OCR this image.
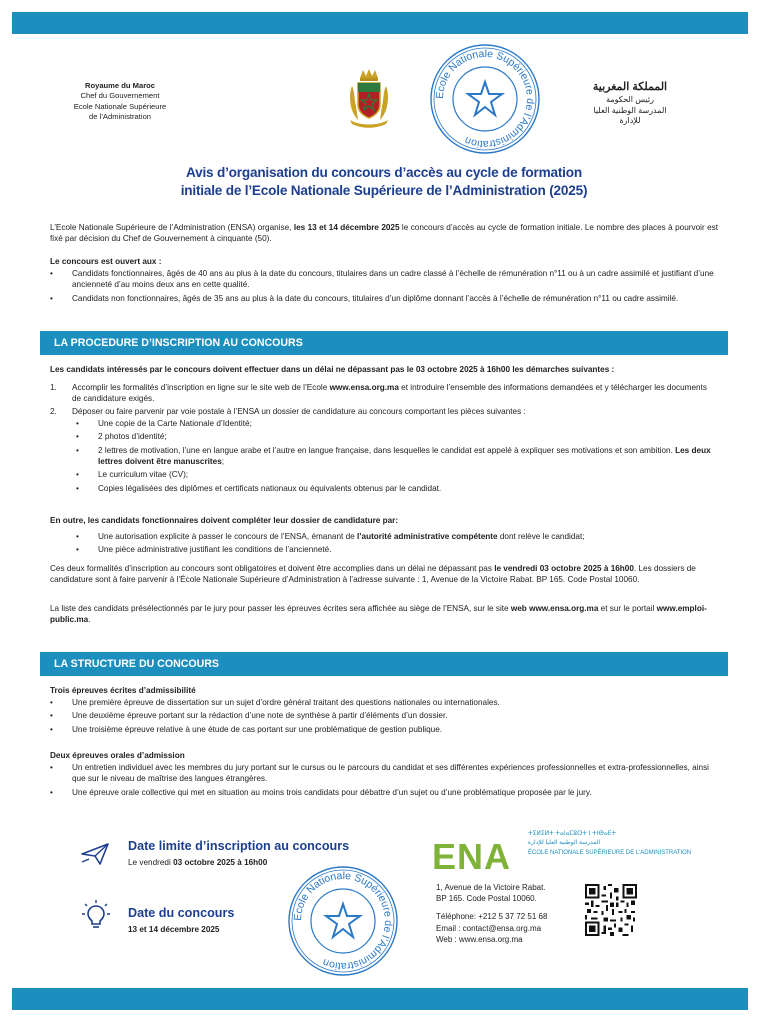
Royaume du Maroc
Chef du Gouvernement
Ecole Nationale Supérieure
de l’Administration
Ecole Nationale Supérieure de l’Administration
المملكة المغربية
رئيس الحكومة
المدرسة الوطنية العليا
للإدارة
Avis d’organisation du concours d’accès au cycle de formation
initiale de l’Ecole Nationale Supérieure de l’Administration (2025)
L’Ecole Nationale Supérieure de l’Administration (ENSA) organise, les 13 et 14 décembre 2025 le concours d’accès au cycle de formation initiale. Le nombre des places à pourvoir est fixé par décision du Chef de Gouvernement à cinquante (50).
Le concours est ouvert aux :
• Candidats fonctionnaires, âgés de 40 ans au plus à la date du concours, titulaires dans un cadre classé à l’échelle de rémunération n°11 ou à un cadre assimilé et justifiant d’une ancienneté d’au moins deux ans en cette qualité.
• Candidats non fonctionnaires, âgés de 35 ans au plus à la date du concours, titulaires d’un diplôme donnant l’accès à l’échelle de rémunération n°11 ou cadre assimilé.
LA PROCEDURE D’INSCRIPTION AU CONCOURS
Les candidats intéressés par le concours doivent effectuer dans un délai ne dépassant pas le 03 octobre 2025 à 16h00 les démarches suivantes :
1. Accomplir les formalités d’inscription en ligne sur le site web de l’Ecole www.ensa.org.ma et introduire l’ensemble des informations demandées et y télécharger les documents de candidature exigés.
2. Déposer ou faire parvenir par voie postale à l’ENSA un dossier de candidature au concours comportant les pièces suivantes :
• Une copie de la Carte Nationale d’Identité;
• 2 photos d’identité;
• 2 lettres de motivation, l’une en langue arabe et l’autre en langue française, dans lesquelles le candidat est appelé à expliquer ses motivations et son ambition. Les deux lettres doivent être manuscrites;
• Le curriculum vitae (CV);
• Copies légalisées des diplômes et certificats nationaux ou équivalents obtenus par le candidat.
En outre, les candidats fonctionnaires doivent compléter leur dossier de candidature par:
• Une autorisation explicite à passer le concours de l’ENSA, émanant de l’autorité administrative compétente dont relève le candidat;
• Une pièce administrative justifiant les conditions de l’ancienneté.
Ces deux formalités d’inscription au concours sont obligatoires et doivent être accomplies dans un délai ne dépassant pas le vendredi 03 octobre 2025 à 16h00. Les dossiers de candidature sont à faire parvenir à l’École Nationale Supérieure d’Administration à l’adresse suivante : 1, Avenue de la Victoire Rabat. BP 165. Code Postal 10060.
La liste des candidats présélectionnés par le jury pour passer les épreuves écrites sera affichée au siège de l’ENSA, sur le site web www.ensa.org.ma et sur le portail www.emploi-public.ma.
LA STRUCTURE DU CONCOURS
Trois épreuves écrites d’admissibilité
• Une première épreuve de dissertation sur un sujet d’ordre général traitant des questions nationales ou internationales.
• Une deuxième épreuve portant sur la rédaction d’une note de synthèse à partir d’éléments d’un dossier.
• Une troisième épreuve relative à une étude de cas portant sur une problématique de gestion publique.
Deux épreuves orales d’admission
• Un entretien individuel avec les membres du jury portant sur le cursus ou le parcours du candidat et ses différentes expériences professionnelles et extra-professionnelles, ainsi que sur le niveau de maîtrise des langues étrangères.
• Une épreuve orale collective qui met en situation au moins trois candidats pour débattre d’un sujet ou d’une problématique proposée par le jury.
Date limite d’inscription au concours
Le vendredi 03 octobre 2025 à 16h00
Date du concours
13 et 14 décembre 2025
Ecole Nationale Supérieure de l’Administration
ENA
ⵜⵉⵍⵉⵍⵜ ⵜⴰⵏⴰⵎⵓⵔⵜ ⵏ ⵜⵏⴱⴰⴹⵜ
المدرسة الوطنية العليا للإدارة
ÉCOLE NATIONALE SUPÉRIEURE DE L’ADMINISTRATION
1, Avenue de la Victoire Rabat.
BP 165. Code Postal 10060.
Téléphone: +212 5 37 72 51 68
Email : contact@ensa.org.ma
Web : www.ensa.org.ma
